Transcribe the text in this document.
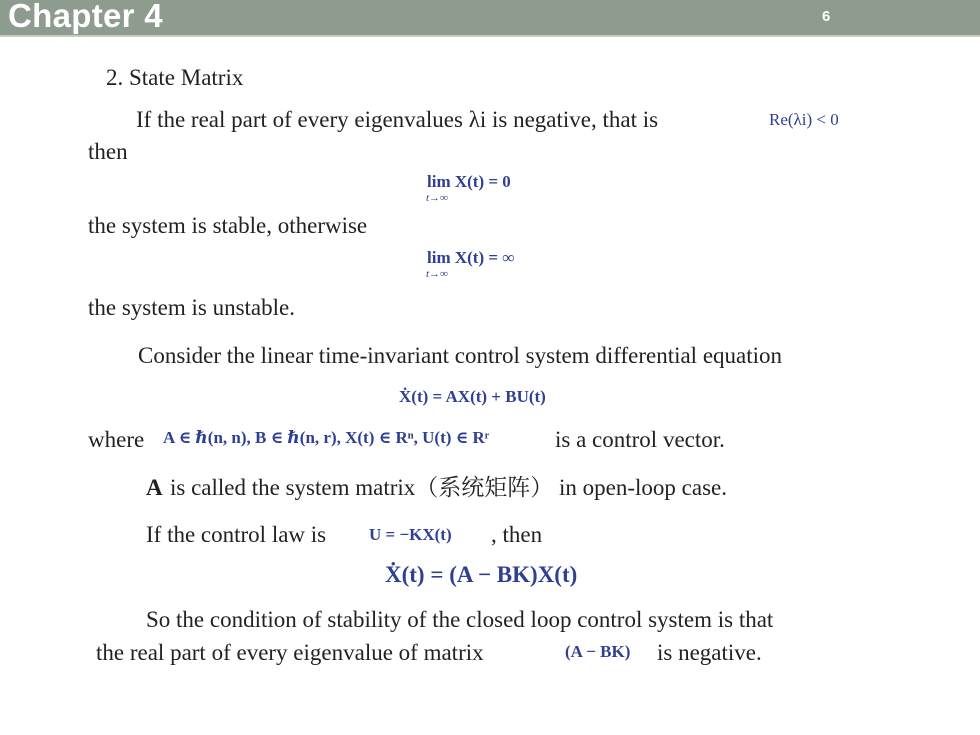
Chapter 4	6
2. State Matrix
If the real part of every eigenvalues λi is negative, that is	Re(λi) < 0
then
lim X(t) = 0
t→∞
the system is stable, otherwise
lim X(t) = ∞
t→∞
the system is unstable.
Consider the linear time-invariant control system differential equation
Ẋ(t) = AX(t) + BU(t)
where A ∈ ℏ(n, n), B ∈ ℏ(n, r), X(t) ∈ Rⁿ, U(t) ∈ Rʳ	is a control vector.
A is called the system matrix（系统矩阵） in open-loop case.
If the control law is	U = −KX(t) , then
Ẋ(t) = (A − BK)X(t)
So the condition of stability of the closed loop control system is that
the real part of every eigenvalue of matrix	(A − BK) is negative.
